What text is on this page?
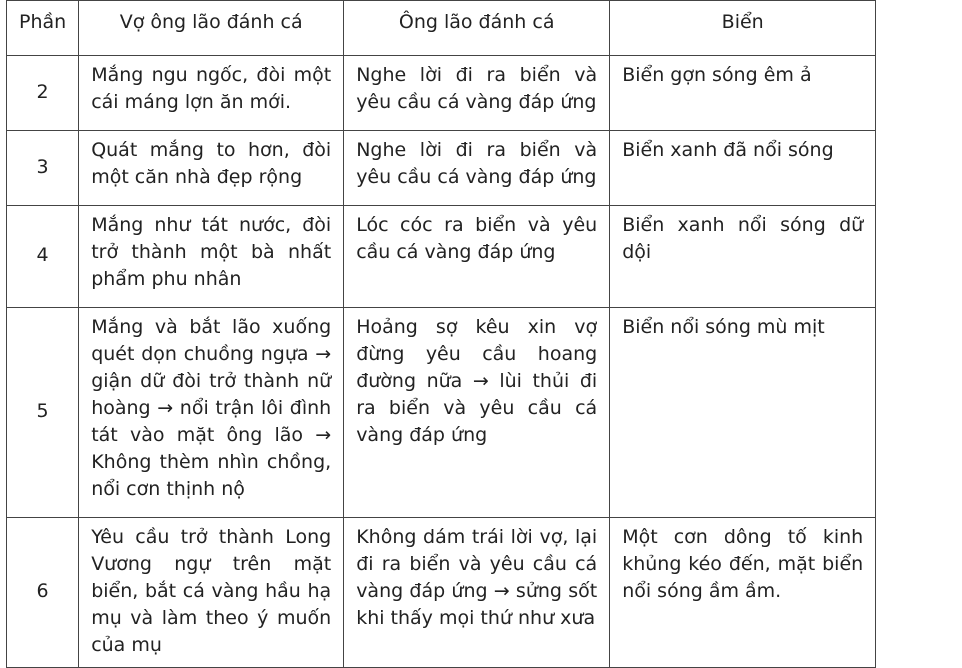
Phần	Vợ ông lão đánh cá	Ông lão đánh cá	Biển
2	Mắng ngu ngốc, đòi một cái máng lợn ăn mới.	Nghe lời đi ra biển và yêu cầu cá vàng đáp ứng	Biển gợn sóng êm ả
3	Quát mắng to hơn, đòi một căn nhà đẹp rộng	Nghe lời đi ra biển và yêu cầu cá vàng đáp ứng	Biển xanh đã nổi sóng
4	Mắng như tát nước, đòi trở thành một bà nhất phẩm phu nhân	Lóc cóc ra biển và yêu cầu cá vàng đáp ứng	Biển xanh nổi sóng dữ dội
5	Mắng và bắt lão xuống quét dọn chuồng ngựa → giận dữ đòi trở thành nữ hoàng → nổi trận lôi đình tát vào mặt ông lão → Không thèm nhìn chồng, nổi cơn thịnh nộ	Hoảng sợ kêu xin vợ đừng yêu cầu hoang đường nữa → lùi thủi đi ra biển và yêu cầu cá vàng đáp ứng	Biển nổi sóng mù mịt
6	Yêu cầu trở thành Long Vương ngự trên mặt biển, bắt cá vàng hầu hạ mụ và làm theo ý muốn của mụ	Không dám trái lời vợ, lại đi ra biển và yêu cầu cá vàng đáp ứng → sửng sốt khi thấy mọi thứ như xưa	Một cơn dông tố kinh khủng kéo đến, mặt biển nổi sóng ầm ầm.
